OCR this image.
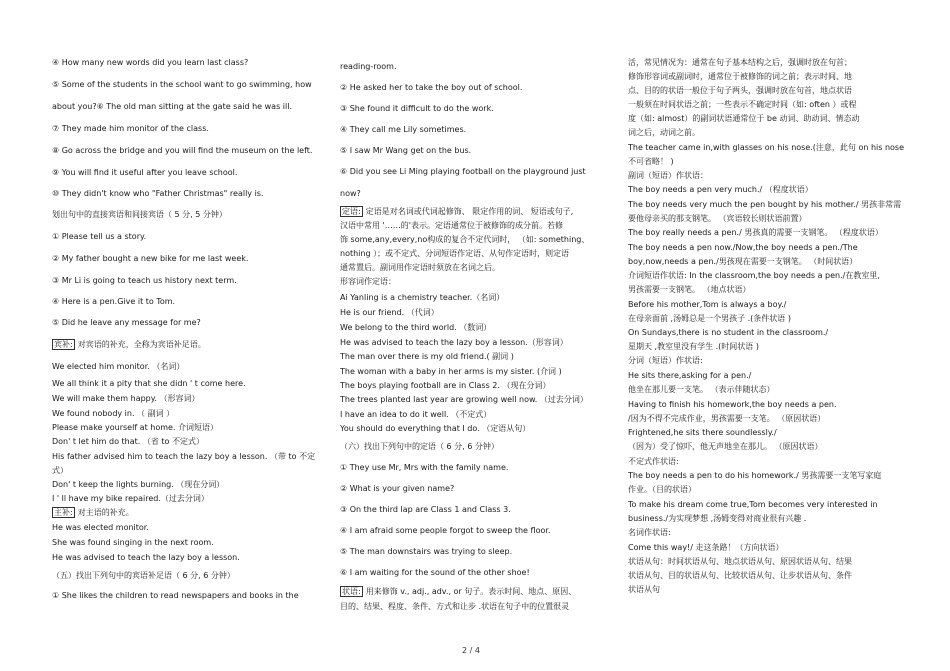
④ How many new words did you learn last class?
⑤ Some of the students in the school want to go swimming, how
about you?⑥ The old man sitting at the gate said he was ill.
⑦ They made him monitor of the class.
⑧ Go across the bridge and you will find the museum on the left.
⑨ You will find it useful after you leave school.
⑩ They didn't know who "Father Christmas" really is.
划出句中的直接宾语和间接宾语（ 5 分, 5 分钟）
① Please tell us a story.
② My father bought a new bike for me last week.
③ Mr Li is going to teach us history next term.
④ Here is a pen.Give it to Tom.
⑤ Did he leave any message for me?
宾补: 对宾语的补充，全称为宾语补足语。
We elected him monitor. （名词）
We all think it a pity that she didn ' t come here.
We will make them happy. （形容词）
We found nobody in. （ 副词 ）
Please make yourself at home. 介词短语）
Don' t let him do that. （省 to 不定式）
His father advised him to teach the lazy boy a lesson. （带 to 不定
式）
Don' t keep the lights burning. （现在分词）
I ' ll have my bike repaired.（过去分词）
主补: 对主语的补充。
He was elected monitor.
She was found singing in the next room.
He was advised to teach the lazy boy a lesson.
（五）找出下列句中的宾语补足语（ 6 分, 6 分钟）
① She likes the children to read newspapers and books in the
reading-room.
② He asked her to take the boy out of school.
③ She found it difficult to do the work.
④ They call me Lily sometimes.
⑤ I saw Mr Wang get on the bus.
⑥ Did you see Li Ming playing football on the playground just
now?
定语: 定语是对名词或代词起修饰、 限定作用的词、 短语或句子,
汉语中常用 '……的'表示。定语通常位于被修饰的成分前。若修
饰 some,any,every,no构成的复合不定代词时， （如: something、
nothing ）；或不定式、分词短语作定语、从句作定语时，则定语
通常置后。副词用作定语时须放在名词之后。
形容词作定语：
Ai Yanling is a chemistry teacher.（名词）
He is our friend. （代词）
We belong to the third world. （数词）
He was advised to teach the lazy boy a lesson.（形容词）
The man over there is my old friend.( 副词 )
The woman with a baby in her arms is my sister. (介词 )
The boys playing football are in Class 2. （现在分词）
The trees planted last year are growing well now. （过去分词）
I have an idea to do it well. （不定式）
You should do everything that I do. （定语从句）
（六）找出下列句中的定语（ 6 分, 6 分钟）
① They use Mr, Mrs with the family name.
② What is your given name?
③ On the third lap are Class 1 and Class 3.
④ I am afraid some people forgot to sweep the floor.
⑤ The man downstairs was trying to sleep.
⑥ I am waiting for the sound of the other shoe!
状语: 用来修饰 v., adj., adv., or 句子。表示时间、地点、原因、
目的、结果、程度、条件、方式和让步 .状语在句子中的位置很灵
活，常见情况为：通常在句子基本结构之后，强调时放在句首；
修饰形容词或副词时，通常位于被修饰的词之前；表示时间、地
点、目的的状语一般位于句子两头，强调时放在句首，地点状语
一般须在时间状语之前；一些表示不确定时间（如: often ）或程
度（如: almost）的副词状语通常位于 be 动词、助动词、情态动
词之后，动词之前。
The teacher came in,with glasses on his nose.(注意，此句 on his nose
不可省略！ )
副词（短语）作状语：
The boy needs a pen very much./ （程度状语）
The boy needs very much the pen bought by his mother./ 男孩非常需
要他母亲买的那支钢笔。 （宾语较长则状语前置）
The boy really needs a pen./ 男孩真的需要一支钢笔。 （程度状语）
The boy needs a pen now./Now,the boy needs a pen./The
boy,now,needs a pen./男孩现在需要一支钢笔。 （时间状语）
介词短语作状语: In the classroom,the boy needs a pen./在教室里,
男孩需要一支钢笔。 （地点状语）
Before his mother,Tom is always a boy./
在母亲面前 ,汤姆总是一个男孩子 .(条件状语 )
On Sundays,there is no student in the classroom./
星期天 ,教室里没有学生 .(时间状语 )
分词（短语）作状语:
He sits there,asking for a pen./
他坐在那儿要一支笔。 （表示伴随状态）
Having to finish his homework,the boy needs a pen.
/因为不得不完成作业，男孩需要一支笔。 （原因状语）
Frightened,he sits there soundlessly./
（因为）受了惊吓，他无声地坐在那儿。 （原因状语）
不定式作状语:
The boy needs a pen to do his homework./ 男孩需要一支笔写家庭
作业。（目的状语）
To make his dream come true,Tom becomes very interested in
business./为实现梦想 ,汤姆变得对商业很有兴趣 .
名词作状语:
Come this way!/ 走这条路！（方向状语）
状语从句：时间状语从句、地点状语从句、原因状语从句、结果
状语从句、目的状语从句、比较状语从句、让步状语从句、条件
状语从句
2 / 4
